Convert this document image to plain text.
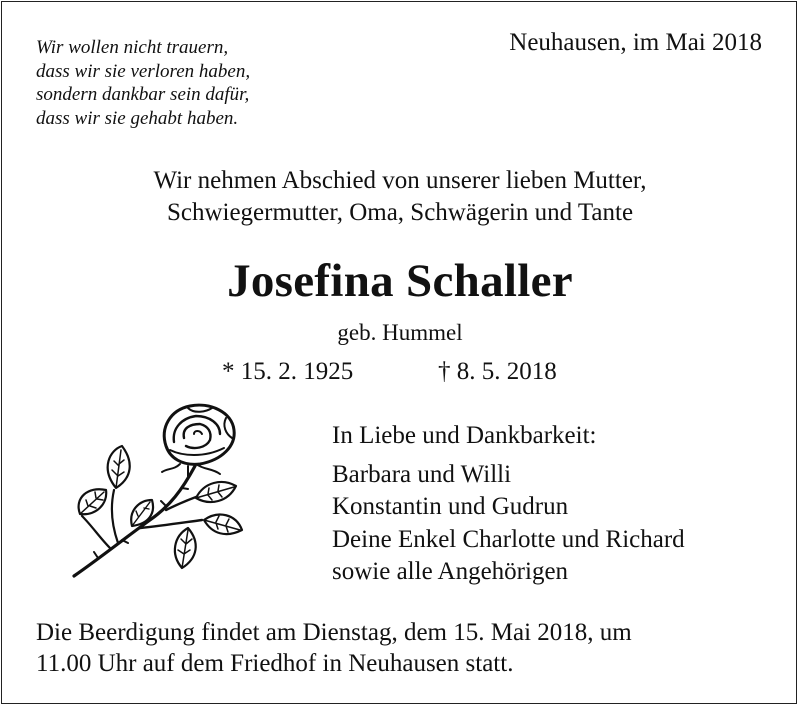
Wir wollen nicht trauern,
dass wir sie verloren haben,
sondern dankbar sein dafür,
dass wir sie gehabt haben.
Neuhausen, im Mai 2018
Wir nehmen Abschied von unserer lieben Mutter,
Schwiegermutter, Oma, Schwägerin und Tante
Josefina Schaller
geb. Hummel
* 15. 2. 1925	† 8. 5. 2018
In Liebe und Dankbarkeit:
Barbara und Willi
Konstantin und Gudrun
Deine Enkel Charlotte und Richard
sowie alle Angehörigen
Die Beerdigung findet am Dienstag, dem 15. Mai 2018, um
11.00 Uhr auf dem Friedhof in Neuhausen statt.
